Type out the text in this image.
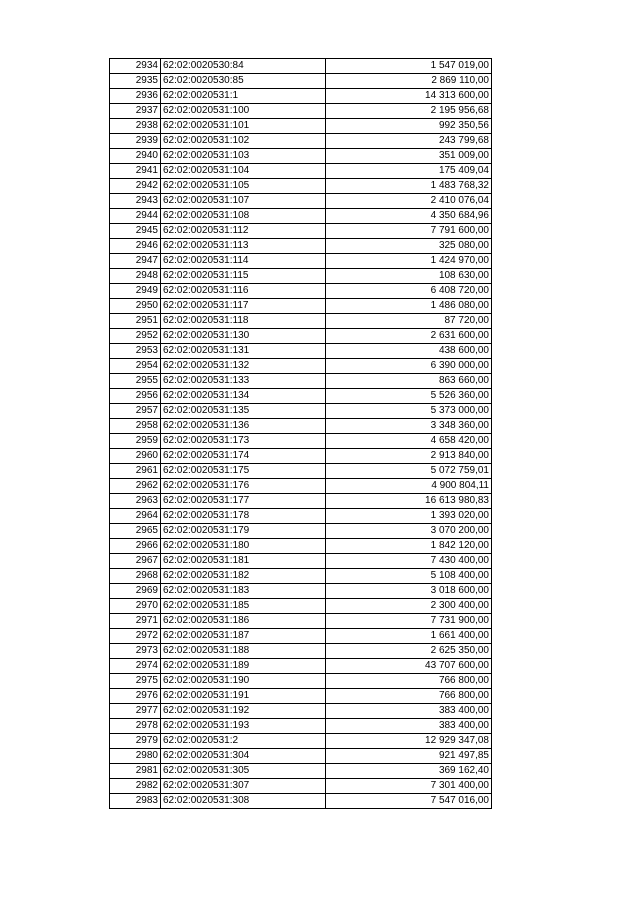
2934	62:02:0020530:84	1 547 019,00
2935	62:02:0020530:85	2 869 110,00
2936	62:02:0020531:1	14 313 600,00
2937	62:02:0020531:100	2 195 956,68
2938	62:02:0020531:101	992 350,56
2939	62:02:0020531:102	243 799,68
2940	62:02:0020531:103	351 009,00
2941	62:02:0020531:104	175 409,04
2942	62:02:0020531:105	1 483 768,32
2943	62:02:0020531:107	2 410 076,04
2944	62:02:0020531:108	4 350 684,96
2945	62:02:0020531:112	7 791 600,00
2946	62:02:0020531:113	325 080,00
2947	62:02:0020531:114	1 424 970,00
2948	62:02:0020531:115	108 630,00
2949	62:02:0020531:116	6 408 720,00
2950	62:02:0020531:117	1 486 080,00
2951	62:02:0020531:118	87 720,00
2952	62:02:0020531:130	2 631 600,00
2953	62:02:0020531:131	438 600,00
2954	62:02:0020531:132	6 390 000,00
2955	62:02:0020531:133	863 660,00
2956	62:02:0020531:134	5 526 360,00
2957	62:02:0020531:135	5 373 000,00
2958	62:02:0020531:136	3 348 360,00
2959	62:02:0020531:173	4 658 420,00
2960	62:02:0020531:174	2 913 840,00
2961	62:02:0020531:175	5 072 759,01
2962	62:02:0020531:176	4 900 804,11
2963	62:02:0020531:177	16 613 980,83
2964	62:02:0020531:178	1 393 020,00
2965	62:02:0020531:179	3 070 200,00
2966	62:02:0020531:180	1 842 120,00
2967	62:02:0020531:181	7 430 400,00
2968	62:02:0020531:182	5 108 400,00
2969	62:02:0020531:183	3 018 600,00
2970	62:02:0020531:185	2 300 400,00
2971	62:02:0020531:186	7 731 900,00
2972	62:02:0020531:187	1 661 400,00
2973	62:02:0020531:188	2 625 350,00
2974	62:02:0020531:189	43 707 600,00
2975	62:02:0020531:190	766 800,00
2976	62:02:0020531:191	766 800,00
2977	62:02:0020531:192	383 400,00
2978	62:02:0020531:193	383 400,00
2979	62:02:0020531:2	12 929 347,08
2980	62:02:0020531:304	921 497,85
2981	62:02:0020531:305	369 162,40
2982	62:02:0020531:307	7 301 400,00
2983	62:02:0020531:308	7 547 016,00
